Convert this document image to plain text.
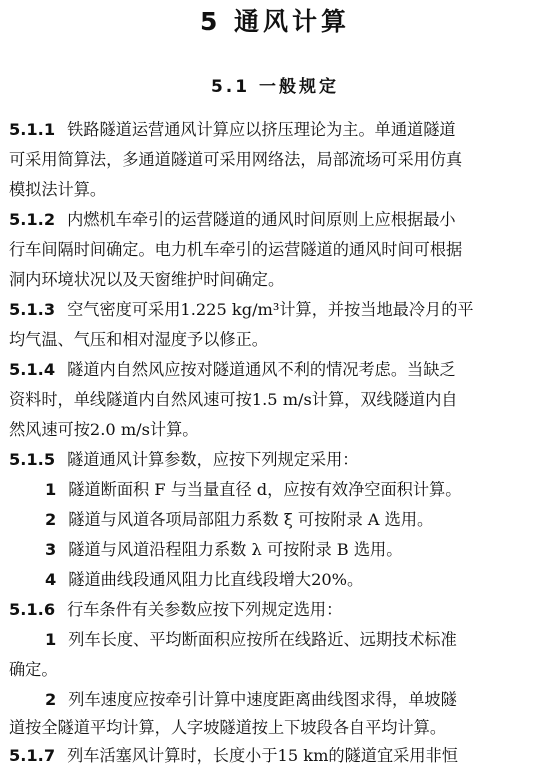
5 通风计算
5.1 一般规定
5.1.1 铁路隧道运营通风计算应以挤压理论为主。单通道隧道
可采用简算法，多通道隧道可采用网络法，局部流场可采用仿真
模拟法计算。
5.1.2 内燃机车牵引的运营隧道的通风时间原则上应根据最小
行车间隔时间确定。电力机车牵引的运营隧道的通风时间可根据
洞内环境状况以及天窗维护时间确定。
5.1.3 空气密度可采用1.225 kg/m³计算，并按当地最冷月的平
均气温、气压和相对湿度予以修正。
5.1.4 隧道内自然风应按对隧道通风不利的情况考虑。当缺乏
资料时，单线隧道内自然风速可按1.5 m/s计算，双线隧道内自
然风速可按2.0 m/s计算。
5.1.5 隧道通风计算参数，应按下列规定采用：
1 隧道断面积 F 与当量直径 d，应按有效净空面积计算。
2 隧道与风道各项局部阻力系数 ξ 可按附录 A 选用。
3 隧道与风道沿程阻力系数 λ 可按附录 B 选用。
4 隧道曲线段通风阻力比直线段增大20%。
5.1.6 行车条件有关参数应按下列规定选用：
1 列车长度、平均断面积应按所在线路近、远期技术标准
确定。
2 列车速度应按牵引计算中速度距离曲线图求得，单坡隧
道按全隧道平均计算，人字坡隧道按上下坡段各自平均计算。
5.1.7 列车活塞风计算时，长度小于15 km的隧道宜采用非恒
